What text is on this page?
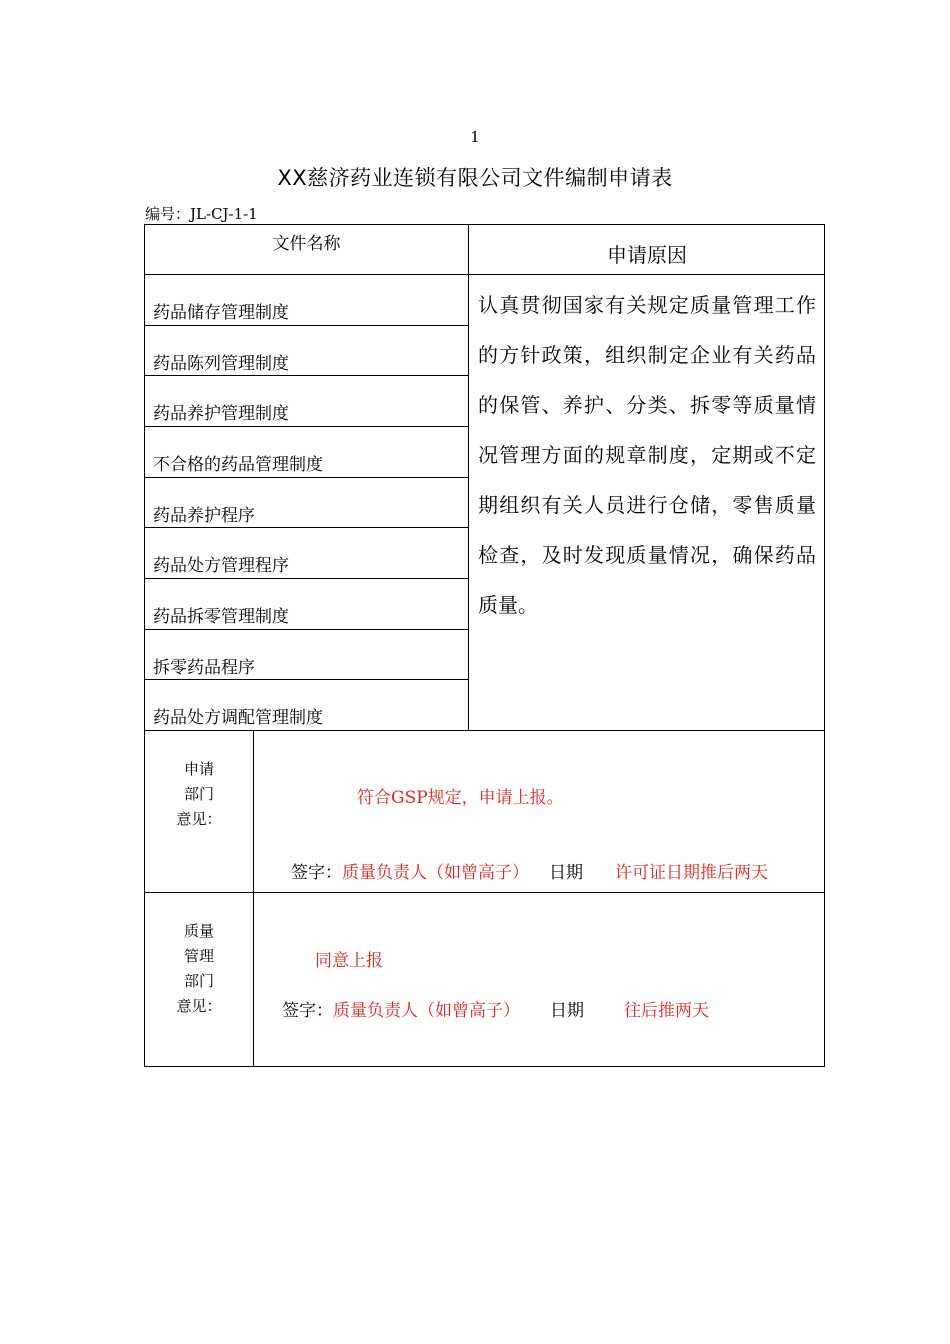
1
XX慈济药业连锁有限公司文件编制申请表
编号：JL-CJ-1-1
文件名称	申请原因
药品储存管理制度
药品陈列管理制度
药品养护管理制度
不合格的药品管理制度
药品养护程序
药品处方管理程序
药品拆零管理制度
拆零药品程序
药品处方调配管理制度
认真贯彻国家有关规定质量管理工作的方针政策，组织制定企业有关药品的保管、养护、分类、拆零等质量情况管理方面的规章制度，定期或不定期组织有关人员进行仓储，零售质量检查，及时发现质量情况，确保药品质量。
申请
部门
意见：
符合GSP规定，申请上报。
签字：质量负责人（如曾高子） 日期 许可证日期推后两天
质量
管理
部门
意见：
同意上报
签字：质量负责人（如曾高子） 日期 往后推两天
